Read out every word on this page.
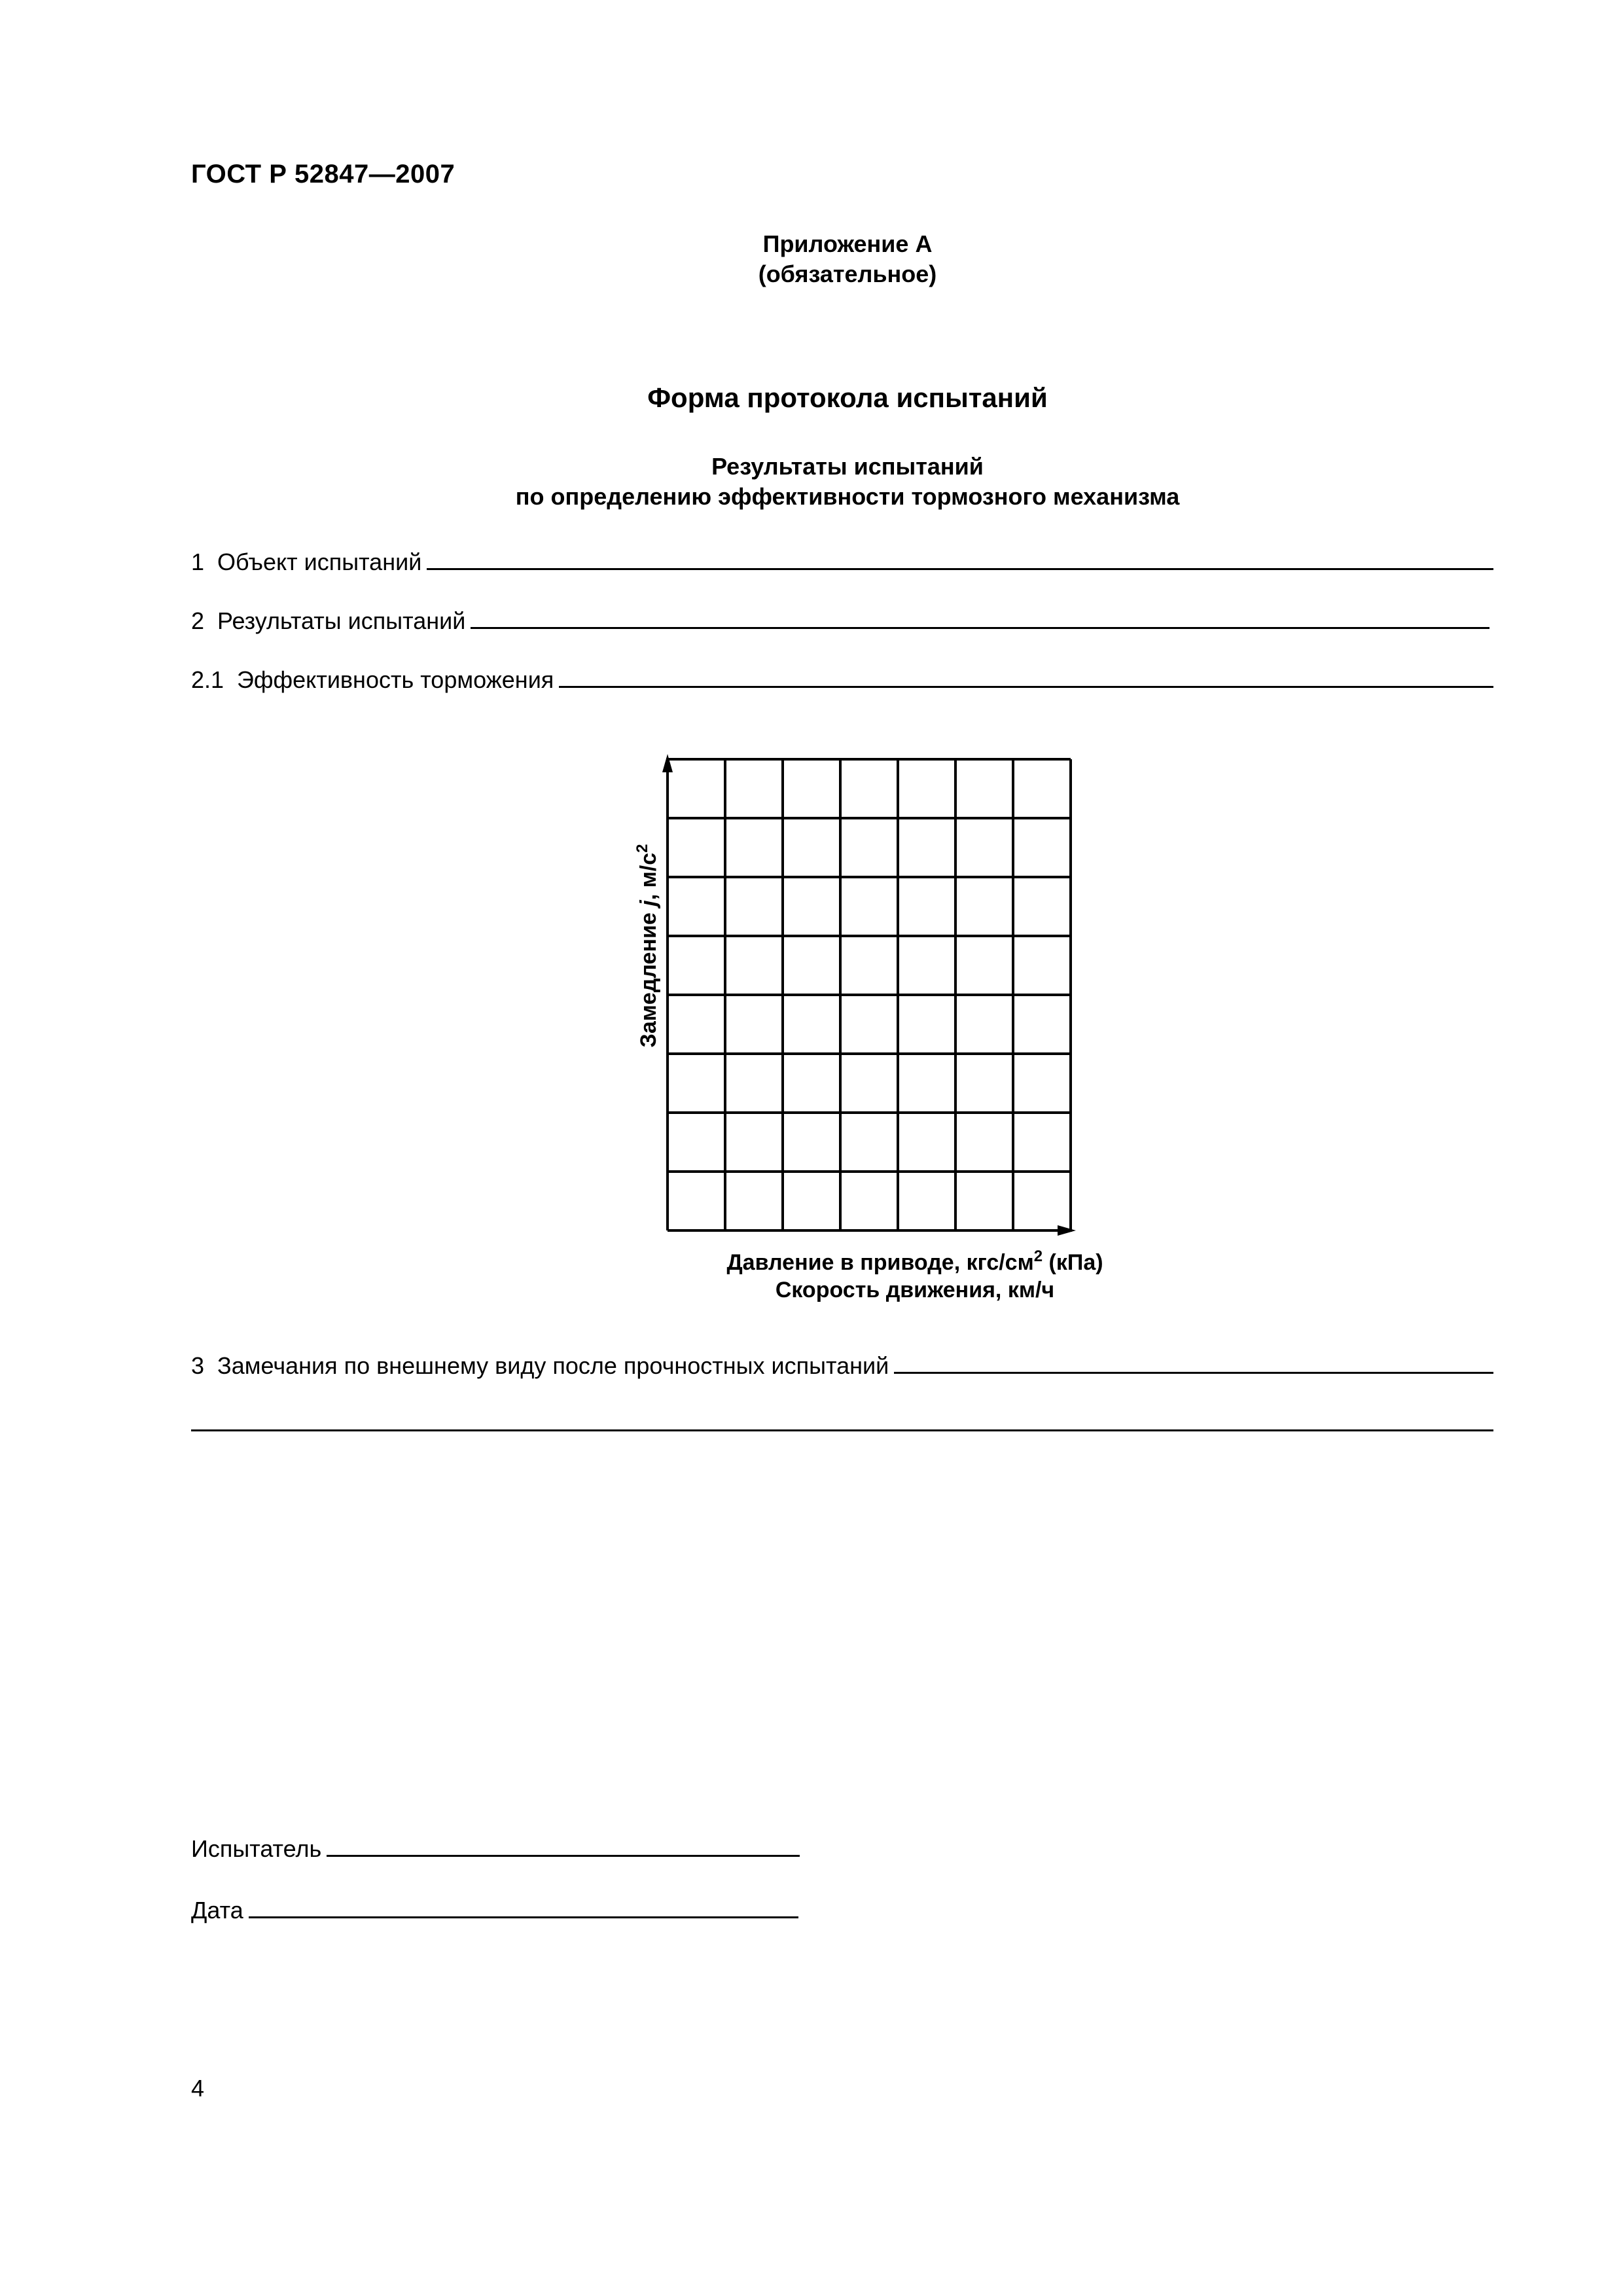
ГОСТ Р 52847—2007
Приложение А
(обязательное)
Форма протокола испытаний
Результаты испытаний
по определению эффективности тормозного механизма
1  Объект испытаний
2  Результаты испытаний
2.1  Эффективность торможения
Замедление j, $м/с^2$
Давление в приводе, кгс/$см^2$ (кПа)
Скорость движения, км/ч
3  Замечания по внешнему виду после прочностных испытаний
Испытатель
Дата
4
